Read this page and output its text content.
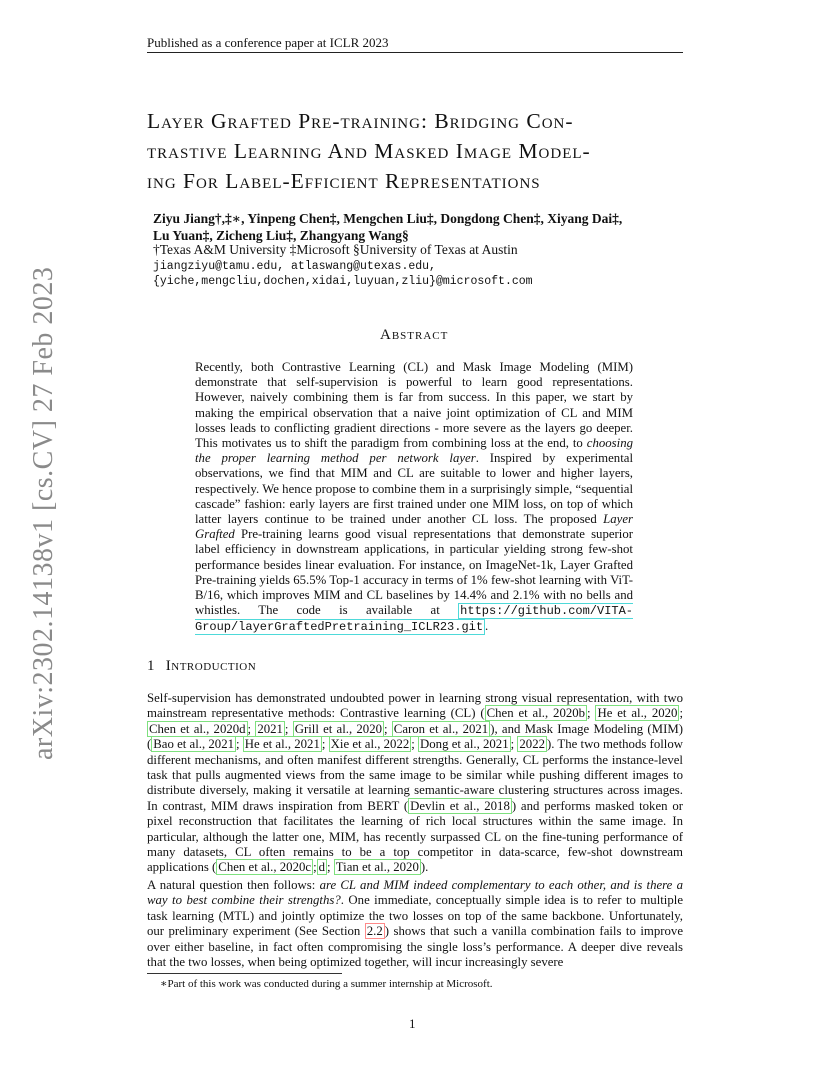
Published as a conference paper at ICLR 2023
arXiv:2302.14138v1 [cs.CV] 27 Feb 2023
Layer Grafted Pre-training: Bridging Con-
trastive Learning And Masked Image Model-
ing For Label-Efficient Representations
Ziyu Jiang†,‡∗, Yinpeng Chen‡, Mengchen Liu‡, Dongdong Chen‡, Xiyang Dai‡,
Lu Yuan‡, Zicheng Liu‡, Zhangyang Wang§
†Texas A&M University ‡Microsoft §University of Texas at Austin
jiangziyu@tamu.edu, atlaswang@utexas.edu,
{yiche,mengcliu,dochen,xidai,luyuan,zliu}@microsoft.com
Abstract
Recently, both Contrastive Learning (CL) and Mask Image Modeling (MIM) demonstrate that self-supervision is powerful to learn good representations. However, naively combining them is far from success. In this paper, we start by making the empirical observation that a naive joint optimization of CL and MIM losses leads to conflicting gradient directions - more severe as the layers go deeper. This motivates us to shift the paradigm from combining loss at the end, to choosing the proper learning method per network layer. Inspired by experimental observations, we find that MIM and CL are suitable to lower and higher layers, respectively. We hence propose to combine them in a surprisingly simple, “sequential cascade” fashion: early layers are first trained under one MIM loss, on top of which latter layers continue to be trained under another CL loss. The proposed Layer Grafted Pre-training learns good visual representations that demonstrate superior label efficiency in downstream applications, in particular yielding strong few-shot performance besides linear evaluation. For instance, on ImageNet-1k, Layer Grafted Pre-training yields 65.5% Top-1 accuracy in terms of 1% few-shot learning with ViT-B/16, which improves MIM and CL baselines by 14.4% and 2.1% with no bells and whistles. The code is available at https://github.com/VITA-Group/layerGraftedPretraining_ICLR23.git .
1 Introduction
Self-supervision has demonstrated undoubted power in learning strong visual representation, with two mainstream representative methods: Contrastive learning (CL) ( Chen et al., 2020b ; He et al., 2020 ; Chen et al., 2020d ; 2021 ; Grill et al., 2020 ; Caron et al., 2021 ), and Mask Image Modeling (MIM) ( Bao et al., 2021 ; He et al., 2021 ; Xie et al., 2022 ; Dong et al., 2021 ; 2022 ). The two methods follow different mechanisms, and often manifest different strengths. Generally, CL performs the instance-level task that pulls augmented views from the same image to be similar while pushing different images to distribute diversely, making it versatile at learning semantic-aware clustering structures across images. In contrast, MIM draws inspiration from BERT ( Devlin et al., 2018 ) and performs masked token or pixel reconstruction that facilitates the learning of rich local structures within the same image. In particular, although the latter one, MIM, has recently surpassed CL on the fine-tuning performance of many datasets, CL often remains to be a top competitor in data-scarce, few-shot downstream applications ( Chen et al., 2020c ; d ; Tian et al., 2020 ).
A natural question then follows: are CL and MIM indeed complementary to each other, and is there a way to best combine their strengths?. One immediate, conceptually simple idea is to refer to multiple task learning (MTL) and jointly optimize the two losses on top of the same backbone. Unfortunately, our preliminary experiment (See Section 2.2 ) shows that such a vanilla combination fails to improve over either baseline, in fact often compromising the single loss’s performance. A deeper dive reveals that the two losses, when being optimized together, will incur increasingly severe
∗Part of this work was conducted during a summer internship at Microsoft.
1
